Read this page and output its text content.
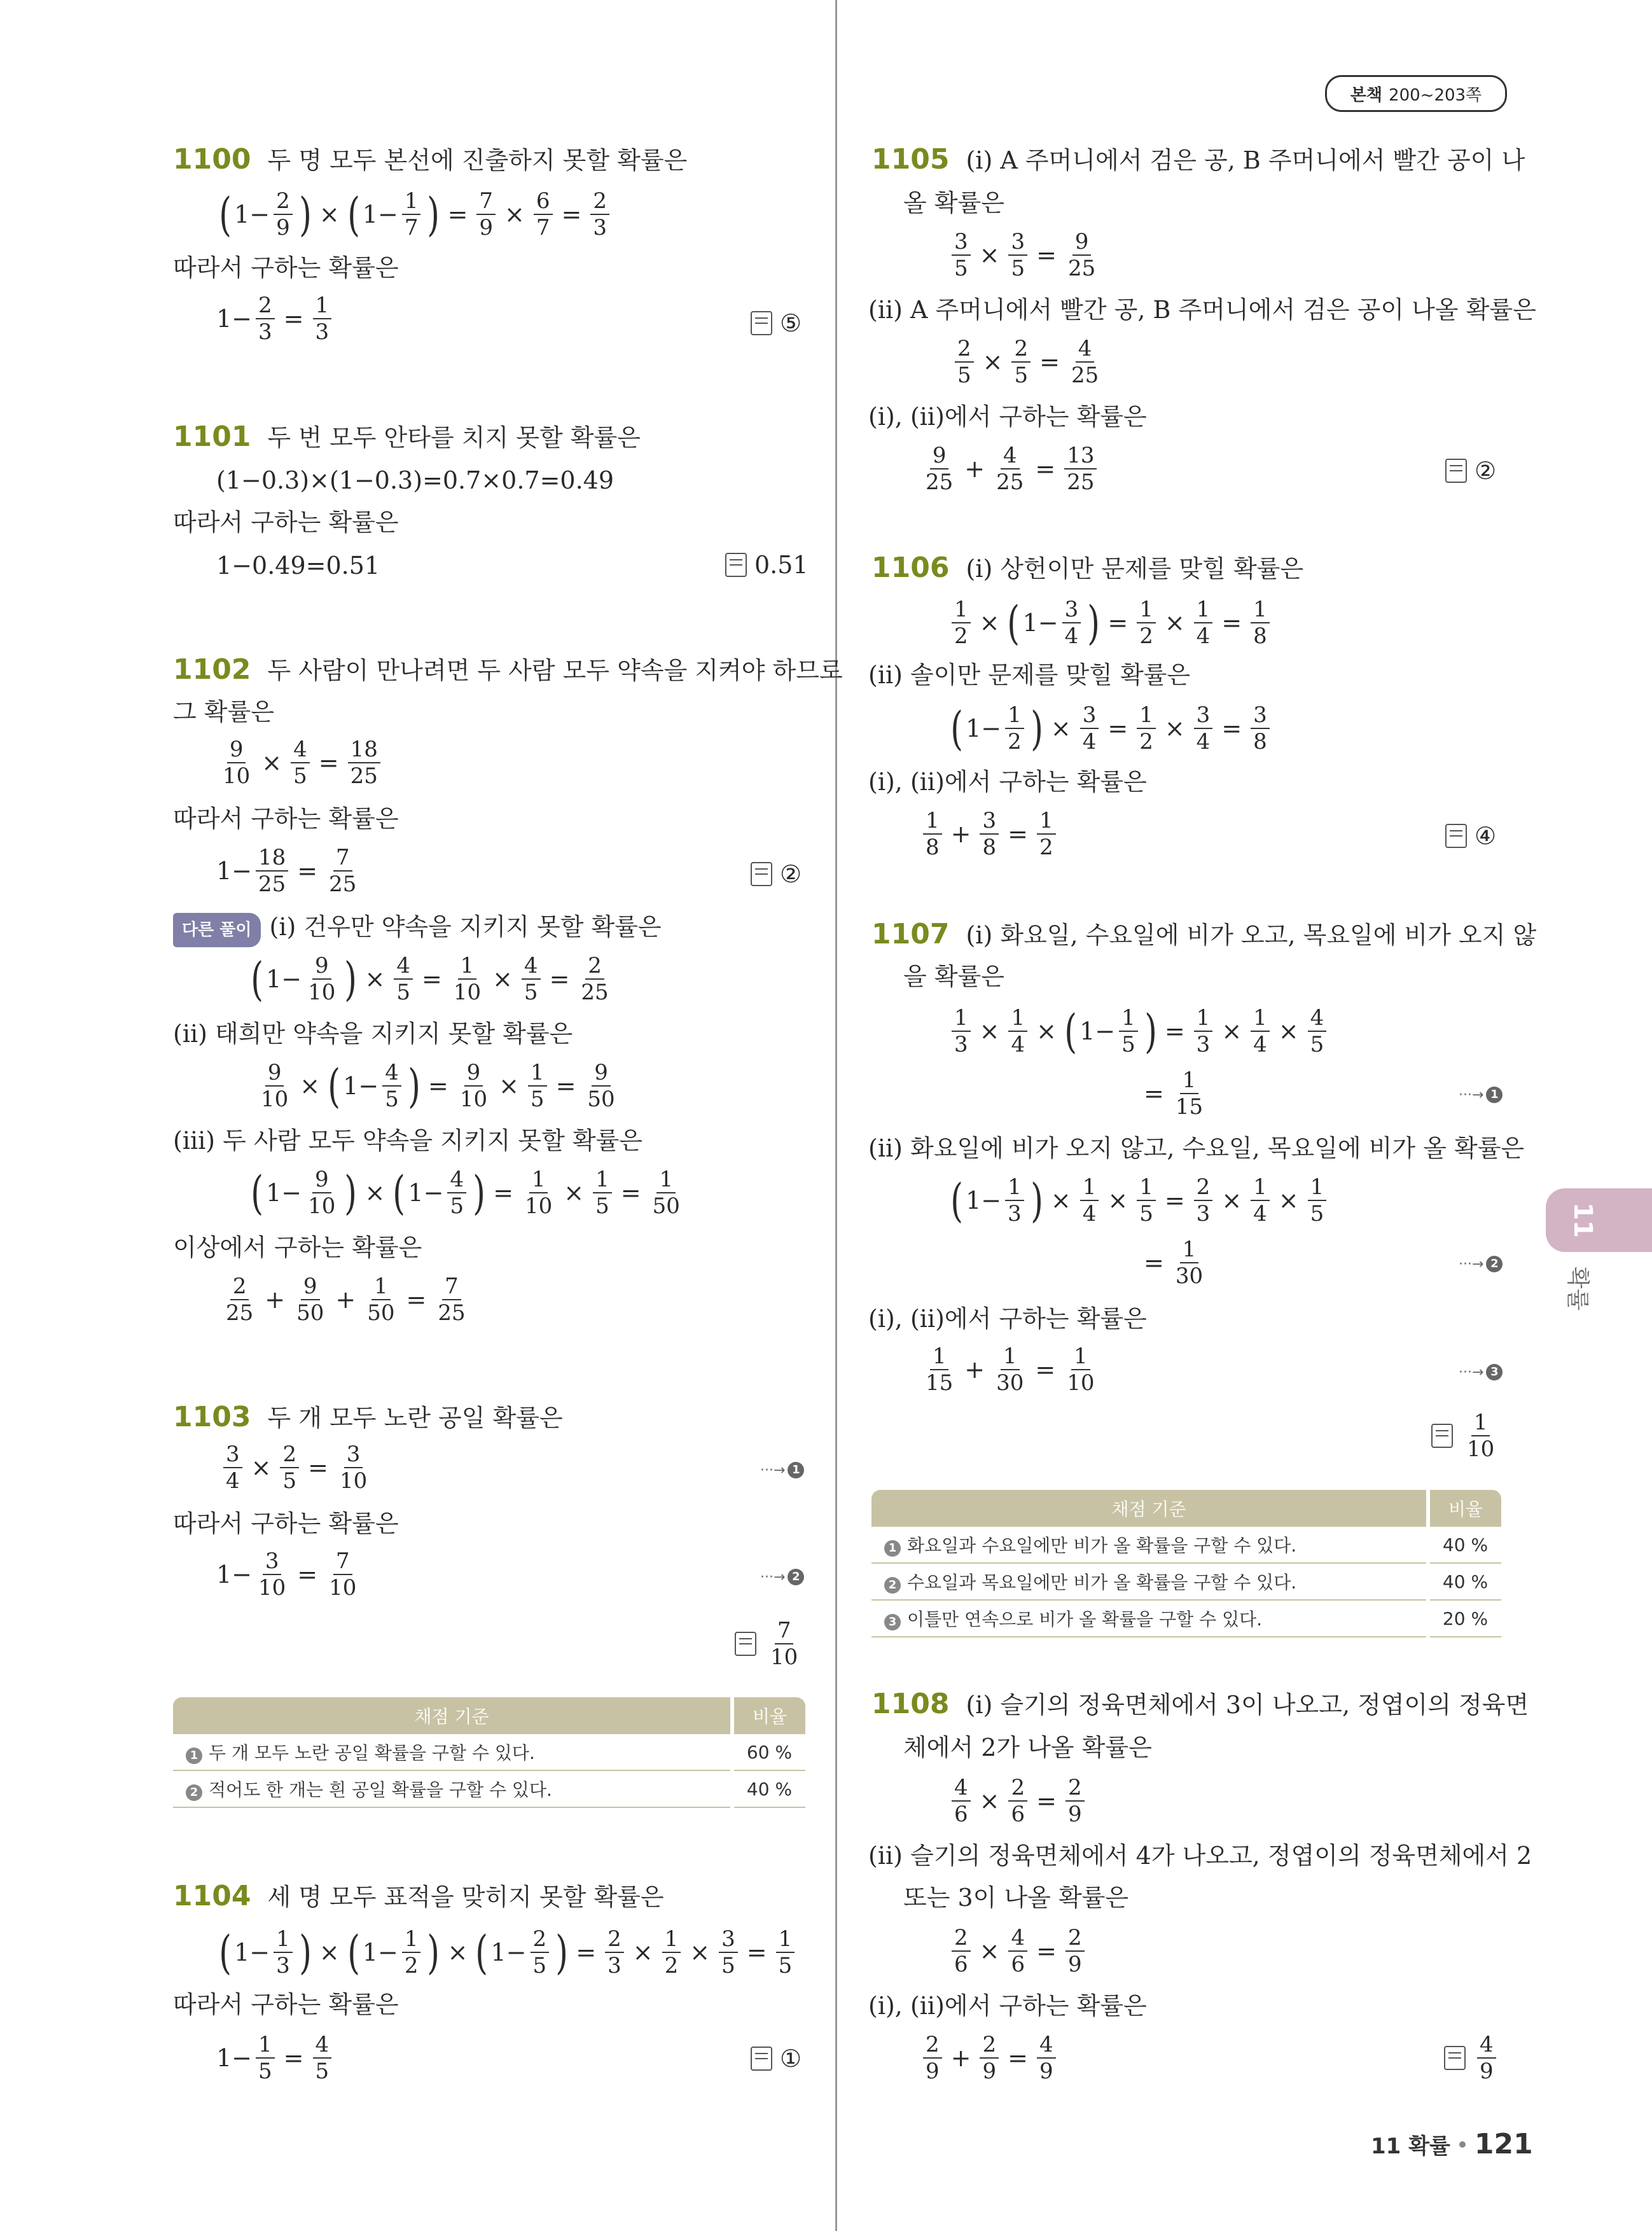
본책 200~203쪽
11
확률
11 확률 121
1100 두 명 모두 본선에 진출하지 못할 확률은
( $1- \frac{2}{9}$ ) × ( $1- \frac{1}{7}$ ) = $\frac{7}{9} \times \frac{6}{7} = \frac{2}{3}$
따라서 구하는 확률은
$1- \frac{2}{3} = \frac{1}{3}$	⑤
1101 두 번 모두 안타를 치지 못할 확률은
(1−0.3)×(1−0.3)=0.7×0.7=0.49
따라서 구하는 확률은
1−0.49=0.51	0.51
1102 두 사람이 만나려면 두 사람 모두 약속을 지켜야 하므로
그 확률은
$\frac{9}{10} \times \frac{4}{5} = \frac{18}{25}$
따라서 구하는 확률은
$1- \frac{18}{25} = \frac{7}{25}$	②
다른 풀이 (ⅰ) 건우만 약속을 지키지 못할 확률은
( $1- \frac{9}{10}$ ) × $\frac{4}{5} = \frac{1}{10} \times \frac{4}{5} = \frac{2}{25}$
(ⅱ) 태희만 약속을 지키지 못할 확률은
$\frac{9}{10}$ × ( $1- \frac{4}{5}$ ) = $\frac{9}{10} \times \frac{1}{5} = \frac{9}{50}$
(ⅲ) 두 사람 모두 약속을 지키지 못할 확률은
( $1- \frac{9}{10}$ ) × ( $1- \frac{4}{5}$ ) = $\frac{1}{10} \times \frac{1}{5} = \frac{1}{50}$
이상에서 구하는 확률은
$\frac{2}{25} + \frac{9}{50} + \frac{1}{50} = \frac{7}{25}$
1103 두 개 모두 노란 공일 확률은
$\frac{3}{4} \times \frac{2}{5} = \frac{3}{10}$	···→ 1
따라서 구하는 확률은
$1- \frac{3}{10} = \frac{7}{10}$	···→ 2
$\frac{7}{10}$
채점 기준	비율
1 두 개 모두 노란 공일 확률을 구할 수 있다.	60 %
2 적어도 한 개는 흰 공일 확률을 구할 수 있다.	40 %
1104 세 명 모두 표적을 맞히지 못할 확률은
( $1- \frac{1}{3}$ ) × ( $1- \frac{1}{2}$ ) × ( $1- \frac{2}{5}$ ) = $\frac{2}{3} \times \frac{1}{2} \times \frac{3}{5} = \frac{1}{5}$
따라서 구하는 확률은
$1- \frac{1}{5} = \frac{4}{5}$	①
1105 (ⅰ) A 주머니에서 검은 공, B 주머니에서 빨간 공이 나
올 확률은
$\frac{3}{5} \times \frac{3}{5} = \frac{9}{25}$
(ⅱ) A 주머니에서 빨간 공, B 주머니에서 검은 공이 나올 확률은
$\frac{2}{5} \times \frac{2}{5} = \frac{4}{25}$
(ⅰ), (ⅱ)에서 구하는 확률은
$\frac{9}{25} + \frac{4}{25} = \frac{13}{25}$	②
1106 (ⅰ) 상헌이만 문제를 맞힐 확률은
$\frac{1}{2}$ × ( $1- \frac{3}{4}$ ) = $\frac{1}{2} \times \frac{1}{4} = \frac{1}{8}$
(ⅱ) 솔이만 문제를 맞힐 확률은
( $1- \frac{1}{2}$ ) × $\frac{3}{4} = \frac{1}{2} \times \frac{3}{4} = \frac{3}{8}$
(ⅰ), (ⅱ)에서 구하는 확률은
$\frac{1}{8} + \frac{3}{8} = \frac{1}{2}$	④
1107 (ⅰ) 화요일, 수요일에 비가 오고, 목요일에 비가 오지 않
을 확률은
$\frac{1}{3} \times \frac{1}{4}$ × ( $1- \frac{1}{5}$ ) = $\frac{1}{3} \times \frac{1}{4} \times \frac{4}{5}$
= $\frac{1}{15}$	···→ 1
(ⅱ) 화요일에 비가 오지 않고, 수요일, 목요일에 비가 올 확률은
( $1- \frac{1}{3}$ ) × $\frac{1}{4} \times \frac{1}{5} = \frac{2}{3} \times \frac{1}{4} \times \frac{1}{5}$
= $\frac{1}{30}$	···→ 2
(ⅰ), (ⅱ)에서 구하는 확률은
$\frac{1}{15} + \frac{1}{30} = \frac{1}{10}$	···→ 3
$\frac{1}{10}$
채점 기준	비율
1 화요일과 수요일에만 비가 올 확률을 구할 수 있다.	40 %
2 수요일과 목요일에만 비가 올 확률을 구할 수 있다.	40 %
3 이틀만 연속으로 비가 올 확률을 구할 수 있다.	20 %
1108 (ⅰ) 슬기의 정육면체에서 3이 나오고, 정엽이의 정육면
체에서 2가 나올 확률은
$\frac{4}{6} \times \frac{2}{6} = \frac{2}{9}$
(ⅱ) 슬기의 정육면체에서 4가 나오고, 정엽이의 정육면체에서 2
또는 3이 나올 확률은
$\frac{2}{6} \times \frac{4}{6} = \frac{2}{9}$
(ⅰ), (ⅱ)에서 구하는 확률은
$\frac{2}{9} + \frac{2}{9} = \frac{4}{9}$	$\frac{4}{9}$
